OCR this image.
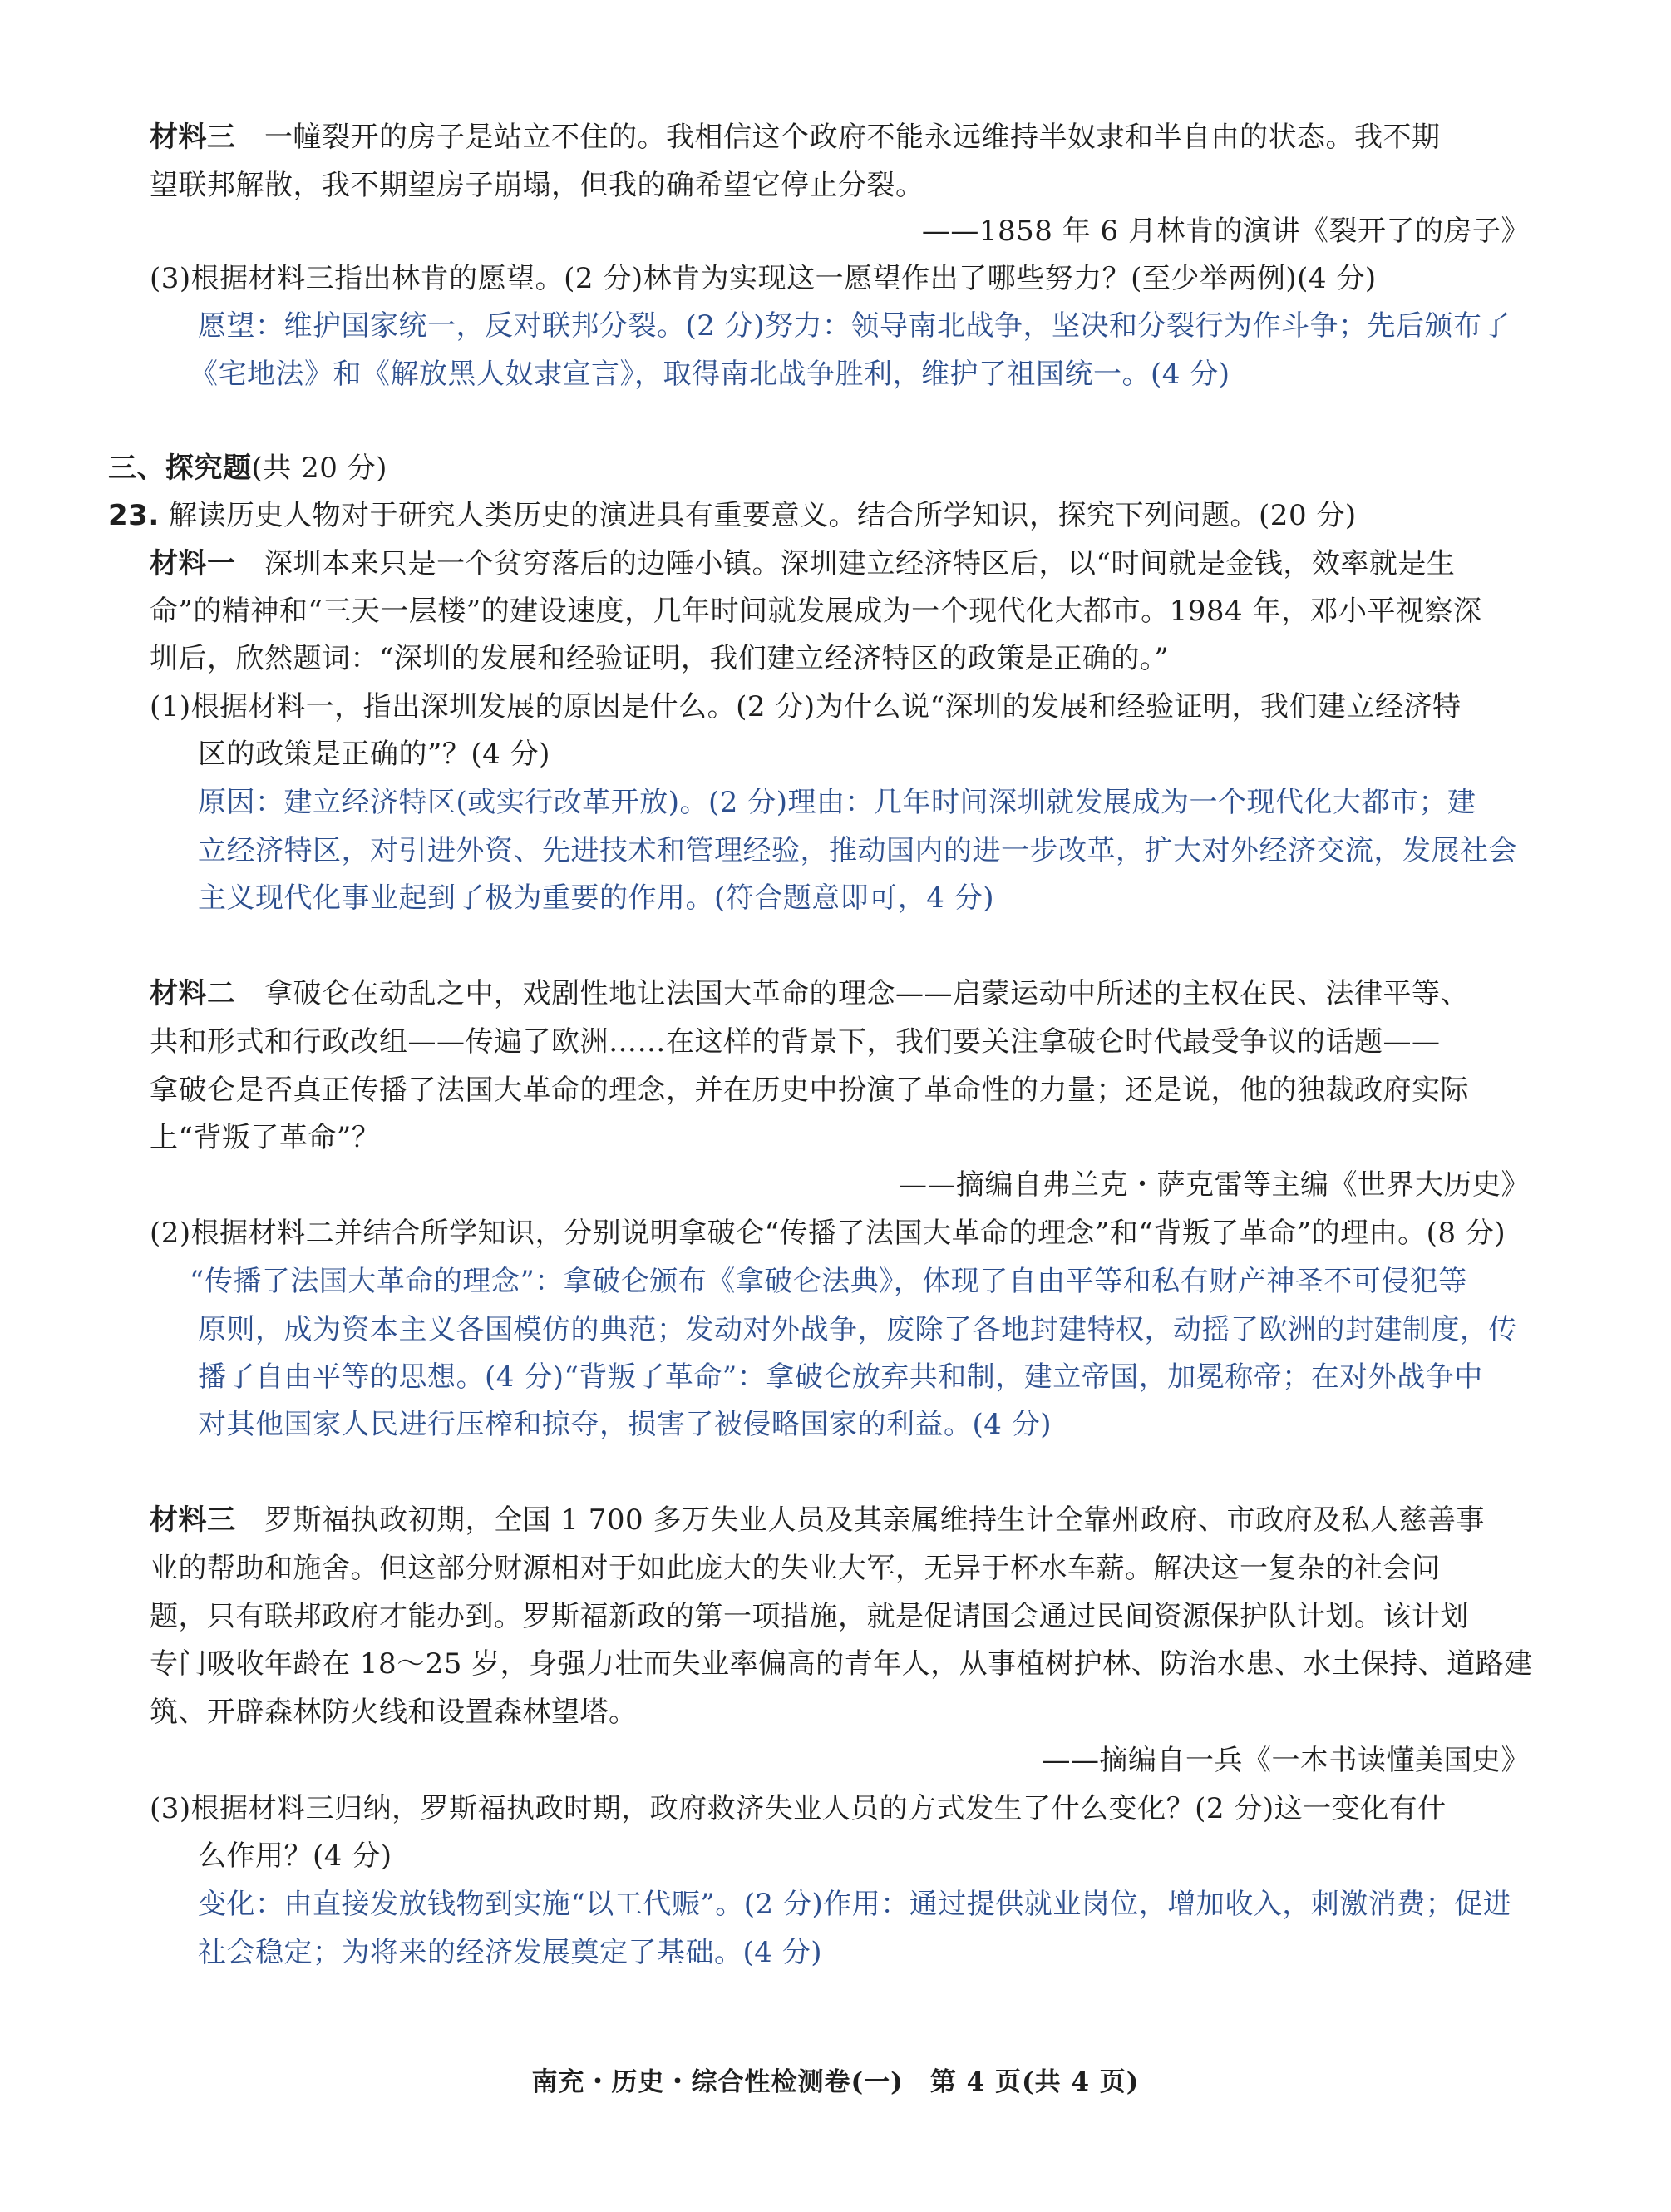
材料三　 一幢裂开的房子是站立不住的。我相信这个政府不能永远维持半奴隶和半自由的状态。我不期
望联邦解散，我不期望房子崩塌，但我的确希望它停止分裂。
——1858 年 6 月林肯的演讲《裂开了的房子》
(3)根据材料三指出林肯的愿望。(2 分)林肯为实现这一愿望作出了哪些努力？(至少举两例)(4 分)
愿望：维护国家统一，反对联邦分裂。(2 分)努力：领导南北战争，坚决和分裂行为作斗争；先后颁布了
《宅地法》和《解放黑人奴隶宣言》，取得南北战争胜利，维护了祖国统一。(4 分)
三、探究题(共 20 分)
23. 解读历史人物对于研究人类历史的演进具有重要意义。结合所学知识，探究下列问题。(20 分)
材料一　 深圳本来只是一个贫穷落后的边陲小镇。深圳建立经济特区后，以“时间就是金钱，效率就是生
命”的精神和“三天一层楼”的建设速度，几年时间就发展成为一个现代化大都市。1984 年，邓小平视察深
圳后，欣然题词：“深圳的发展和经验证明，我们建立经济特区的政策是正确的。”
(1)根据材料一，指出深圳发展的原因是什么。(2 分)为什么说“深圳的发展和经验证明，我们建立经济特
区的政策是正确的”？(4 分)
原因：建立经济特区(或实行改革开放)。(2 分)理由：几年时间深圳就发展成为一个现代化大都市；建
立经济特区，对引进外资、先进技术和管理经验，推动国内的进一步改革，扩大对外经济交流，发展社会
主义现代化事业起到了极为重要的作用。(符合题意即可，4 分)
材料二　 拿破仑在动乱之中，戏剧性地让法国大革命的理念——启蒙运动中所述的主权在民、法律平等、
共和形式和行政改组——传遍了欧洲……在这样的背景下，我们要关注拿破仑时代最受争议的话题——
拿破仑是否真正传播了法国大革命的理念，并在历史中扮演了革命性的力量；还是说，他的独裁政府实际
上“背叛了革命”？
——摘编自弗兰克・萨克雷等主编《世界大历史》
(2)根据材料二并结合所学知识，分别说明拿破仑“传播了法国大革命的理念”和“背叛了革命”的理由。(8 分)
“传播了法国大革命的理念”：拿破仑颁布《拿破仑法典》，体现了自由平等和私有财产神圣不可侵犯等
原则，成为资本主义各国模仿的典范；发动对外战争，废除了各地封建特权，动摇了欧洲的封建制度，传
播了自由平等的思想。(4 分)“背叛了革命”：拿破仑放弃共和制，建立帝国，加冕称帝；在对外战争中
对其他国家人民进行压榨和掠夺，损害了被侵略国家的利益。(4 分)
材料三　 罗斯福执政初期，全国 1 700 多万失业人员及其亲属维持生计全靠州政府、市政府及私人慈善事
业的帮助和施舍。但这部分财源相对于如此庞大的失业大军，无异于杯水车薪。解决这一复杂的社会问
题，只有联邦政府才能办到。罗斯福新政的第一项措施，就是促请国会通过民间资源保护队计划。该计划
专门吸收年龄在 18～25 岁，身强力壮而失业率偏高的青年人，从事植树护林、防治水患、水土保持、道路建
筑、开辟森林防火线和设置森林望塔。
——摘编自一兵《一本书读懂美国史》
(3)根据材料三归纳，罗斯福执政时期，政府救济失业人员的方式发生了什么变化？(2 分)这一变化有什
么作用？(4 分)
变化：由直接发放钱物到实施“以工代赈”。(2 分)作用：通过提供就业岗位，增加收入，刺激消费；促进
社会稳定；为将来的经济发展奠定了基础。(4 分)
南充・历史・综合性检测卷(一)　第 4 页(共 4 页)
